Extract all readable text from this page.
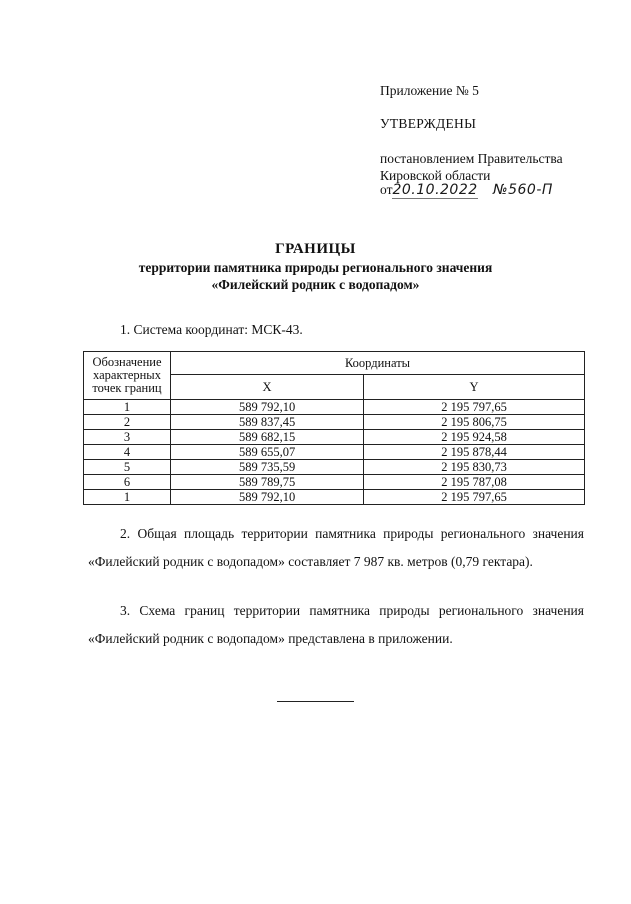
Приложение № 5
УТВЕРЖДЕНЫ
постановлением Правительства
Кировской области
от20.10.2022 №560-П
ГРАНИЦЫ
территории памятника природы регионального значения
«Филейский родник с водопадом»
1. Система координат: МСК-43.
Обозначение характерных точек границ	Координаты	
	X	Y
1	589 792,10	2 195 797,65
2	589 837,45	2 195 806,75
3	589 682,15	2 195 924,58
4	589 655,07	2 195 878,44
5	589 735,59	2 195 830,73
6	589 789,75	2 195 787,08
1	589 792,10	2 195 797,65
2. Общая площадь территории памятника природы регионального значения «Филейский родник с водопадом» составляет 7 987 кв. метров (0,79 гектара).
3. Схема границ территории памятника природы регионального значения «Филейский родник с водопадом» представлена в приложении.
